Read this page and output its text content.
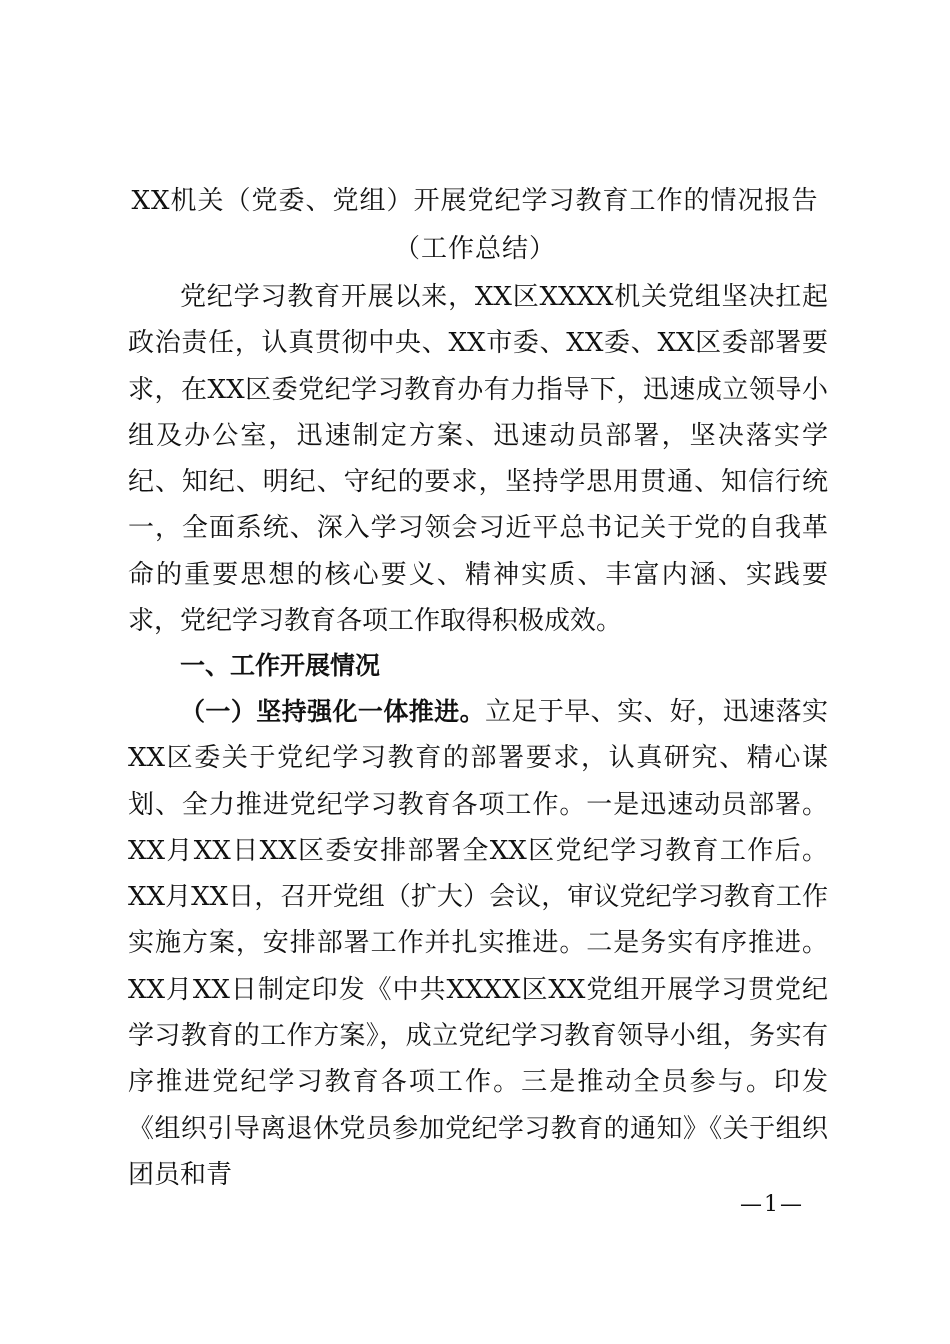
XX机关（党委、党组）开展党纪学习教育工作的情况报告
（工作总结）
党纪学习教育开展以来，XX区XXXX机关党组坚决扛起政治责任，认真贯彻中央、XX市委、XX委、XX区委部署要求，在XX区委党纪学习教育办有力指导下，迅速成立领导小组及办公室，迅速制定方案、迅速动员部署，坚决落实学纪、知纪、明纪、守纪的要求，坚持学思用贯通、知信行统一，全面系统、深入学习领会习近平总书记关于党的自我革命的重要思想的核心要义、精神实质、丰富内涵、实践要求，党纪学习教育各项工作取得积极成效。
一、工作开展情况
（一）坚持强化一体推进。立足于早、实、好，迅速落实XX区委关于党纪学习教育的部署要求，认真研究、精心谋划、全力推进党纪学习教育各项工作。一是迅速动员部署。XX月XX日XX区委安排部署全XX区党纪学习教育工作后。XX月XX日，召开党组（扩大）会议，审议党纪学习教育工作实施方案，安排部署工作并扎实推进。二是务实有序推进。XX月XX日制定印发《中共XXXX区XX党组开展学习贯党纪学习教育的工作方案》，成立党纪学习教育领导小组，务实有序推进党纪学习教育各项工作。三是推动全员参与。印发《组织引导离退休党员参加党纪学习教育的通知》《关于组织团员和青
—1—
